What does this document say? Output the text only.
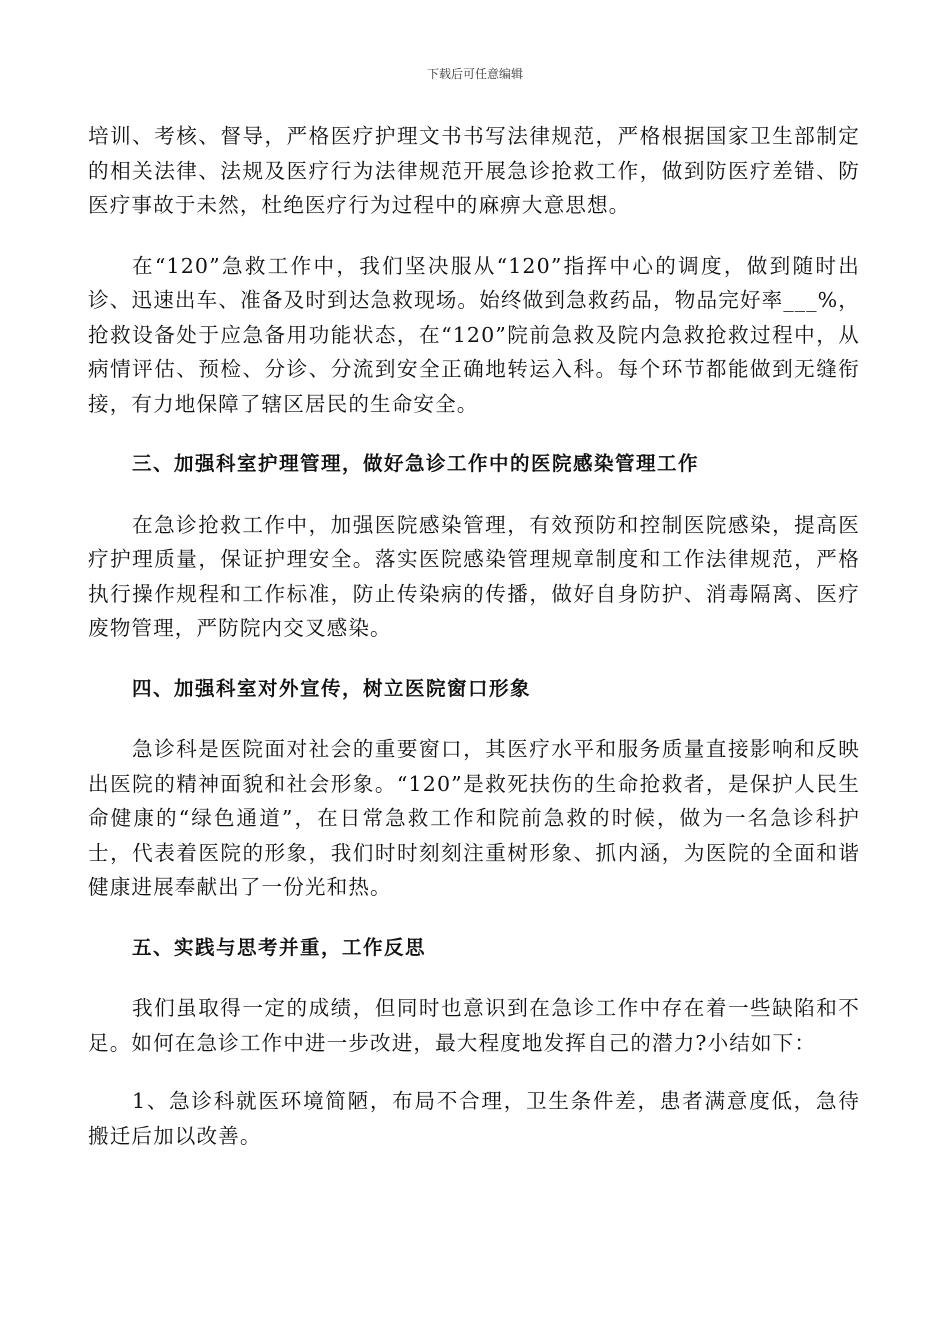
下载后可任意编辑

培训、考核、督导，严格医疗护理文书书写法律规范，严格根据国家卫生部制定的相关法律、法规及医疗行为法律规范开展急诊抢救工作，做到防医疗差错、防医疗事故于未然，杜绝医疗行为过程中的麻痹大意思想。

在“120”急救工作中，我们坚决服从“120”指挥中心的调度，做到随时出诊、迅速出车、准备及时到达急救现场。始终做到急救药品，物品完好率___%，抢救设备处于应急备用功能状态，在“120”院前急救及院内急救抢救过程中，从病情评估、预检、分诊、分流到安全正确地转运入科。每个环节都能做到无缝衔接，有力地保障了辖区居民的生命安全。

三、加强科室护理管理，做好急诊工作中的医院感染管理工作

在急诊抢救工作中，加强医院感染管理，有效预防和控制医院感染，提高医疗护理质量，保证护理安全。落实医院感染管理规章制度和工作法律规范，严格执行操作规程和工作标准，防止传染病的传播，做好自身防护、消毒隔离、医疗废物管理，严防院内交叉感染。

四、加强科室对外宣传，树立医院窗口形象

急诊科是医院面对社会的重要窗口，其医疗水平和服务质量直接影响和反映出医院的精神面貌和社会形象。“120”是救死扶伤的生命抢救者，是保护人民生命健康的“绿色通道”，在日常急救工作和院前急救的时候，做为一名急诊科护士，代表着医院的形象，我们时时刻刻注重树形象、抓内涵，为医院的全面和谐健康进展奉献出了一份光和热。

五、实践与思考并重，工作反思

我们虽取得一定的成绩，但同时也意识到在急诊工作中存在着一些缺陷和不足。如何在急诊工作中进一步改进，最大程度地发挥自己的潜力?小结如下：

1、急诊科就医环境简陋，布局不合理，卫生条件差，患者满意度低，急待搬迁后加以改善。
